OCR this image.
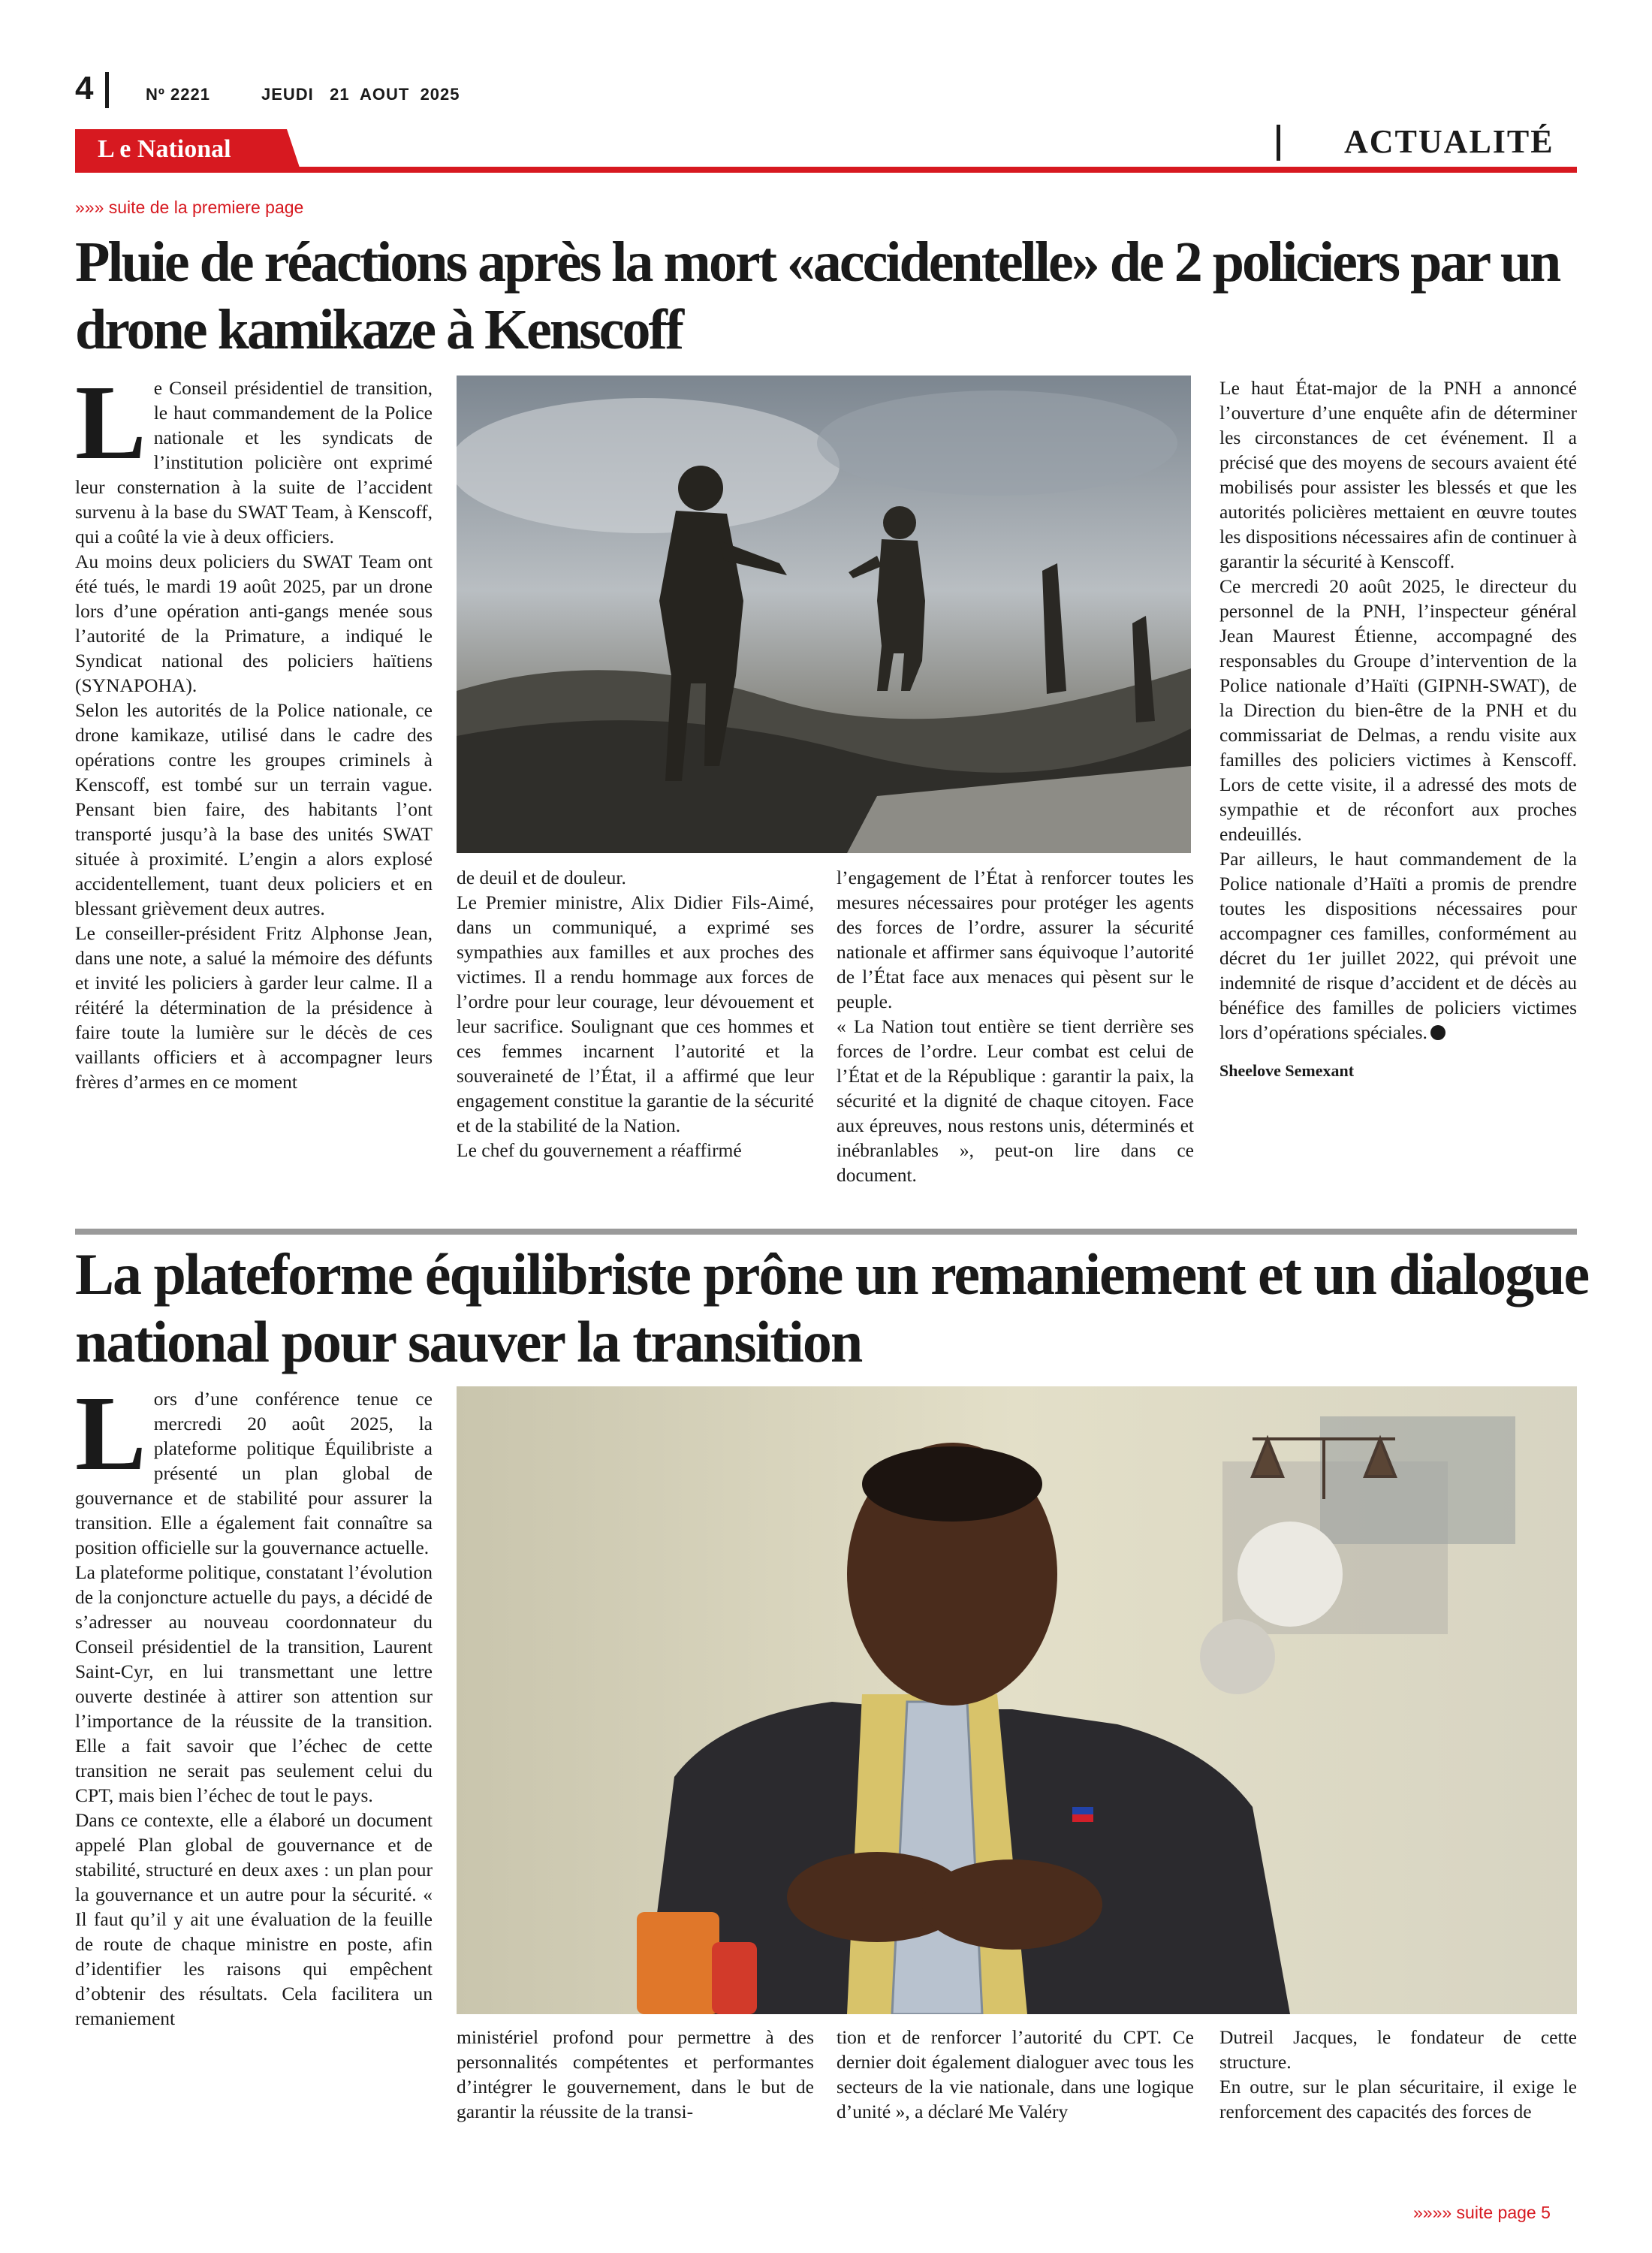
4	Nº 2221	JEUDI   21  AOUT  2025
L e National	ACTUALITÉ
»»» suite de la premiere page
Pluie de réactions après la mort «accidentelle» de 2 policiers par un drone kamikaze à Kenscoff
L e Conseil présidentiel de transition, le haut commandement de la Police nationale et les syndicats de l’institution policière ont exprimé leur consternation à la suite de l’accident survenu à la base du SWAT Team, à Kenscoff, qui a coûté la vie à deux officiers.

Au moins deux policiers du SWAT Team ont été tués, le mardi 19 août 2025, par un drone lors d’une opération anti-gangs menée sous l’autorité de la Primature, a indiqué le Syndicat national des policiers haïtiens (SYNAPOHA).

Selon les autorités de la Police nationale, ce drone kamikaze, utilisé dans le cadre des opérations contre les groupes criminels à Kenscoff, est tombé sur un terrain vague. Pensant bien faire, des habitants l’ont transporté jusqu’à la base des unités SWAT située à proximité. L’engin a alors explosé accidentellement, tuant deux policiers et en blessant grièvement deux autres.

Le conseiller-président Fritz Alphonse Jean, dans une note, a salué la mémoire des défunts et invité les policiers à garder leur calme. Il a réitéré la détermination de la présidence à faire toute la lumière sur le décès de ces vaillants officiers et à accompagner leurs frères d’armes en ce moment

de deuil et de douleur.

Le Premier ministre, Alix Didier Fils-Aimé, dans un communiqué, a exprimé ses sympathies aux familles et aux proches des victimes. Il a rendu hommage aux forces de l’ordre pour leur courage, leur dévouement et leur sacrifice. Soulignant que ces hommes et ces femmes incarnent l’autorité et la souveraineté de l’État, il a affirmé que leur engagement constitue la garantie de la sécurité et de la stabilité de la Nation.

Le chef du gouvernement a réaffirmé

l’engagement de l’État à renforcer toutes les mesures nécessaires pour protéger les agents des forces de l’ordre, assurer la sécurité nationale et affirmer sans équivoque l’autorité de l’État face aux menaces qui pèsent sur le peuple.

« La Nation tout entière se tient derrière ses forces de l’ordre. Leur combat est celui de l’État et de la République : garantir la paix, la sécurité et la dignité de chaque citoyen. Face aux épreuves, nous restons unis, déterminés et inébranlables », peut-on lire dans ce document.

Le haut État-major de la PNH a annoncé l’ouverture d’une enquête afin de déterminer les circonstances de cet événement. Il a précisé que des moyens de secours avaient été mobilisés pour assister les blessés et que les autorités policières mettaient en œuvre toutes les dispositions nécessaires afin de continuer à garantir la sécurité à Kenscoff.

Ce mercredi 20 août 2025, le directeur du personnel de la PNH, l’inspecteur général Jean Maurest Étienne, accompagné des responsables du Groupe d’intervention de la Police nationale d’Haïti (GIPNH-SWAT), de la Direction du bien-être de la PNH et du commissariat de Delmas, a rendu visite aux familles des policiers victimes à Kenscoff. Lors de cette visite, il a adressé des mots de sympathie et de réconfort aux proches endeuillés.

Par ailleurs, le haut commandement de la Police nationale d’Haïti a promis de prendre toutes les dispositions nécessaires pour accompagner ces familles, conformément au décret du 1er juillet 2022, qui prévoit une indemnité de risque d’accident et de décès au bénéfice des familles de policiers victimes lors d’opérations spéciales.

Sheelove Semexant

La plateforme équilibriste prône un remaniement et un dialogue national pour sauver la transition
L ors d’une conférence tenue ce mercredi 20 août 2025, la plateforme politique Équilibriste a présenté un plan global de gouvernance et de stabilité pour assurer la transition. Elle a également fait connaître sa position officielle sur la gouvernance actuelle.

La plateforme politique, constatant l’évolution de la conjoncture actuelle du pays, a décidé de s’adresser au nouveau coordonnateur du Conseil présidentiel de la transition, Laurent Saint-Cyr, en lui transmettant une lettre ouverte destinée à attirer son attention sur l’importance de la réussite de la transition. Elle a fait savoir que l’échec de cette transition ne serait pas seulement celui du CPT, mais bien l’échec de tout le pays.

Dans ce contexte, elle a élaboré un document appelé Plan global de gouvernance et de stabilité, structuré en deux axes : un plan pour la gouvernance et un autre pour la sécurité. « Il faut qu’il y ait une évaluation de la feuille de route de chaque ministre en poste, afin d’identifier les raisons qui empêchent d’obtenir des résultats. Cela facilitera un remaniement

ministériel profond pour permettre à des personnalités compétentes et performantes d’intégrer le gouvernement, dans le but de garantir la réussite de la transi-

tion et de renforcer l’autorité du CPT. Ce dernier doit également dialoguer avec tous les secteurs de la vie nationale, dans une logique d’unité », a déclaré Me Valéry

Dutreil Jacques, le fondateur de cette structure.

En outre, sur le plan sécuritaire, il exige le renforcement des capacités des forces de

»»»» suite page 5
